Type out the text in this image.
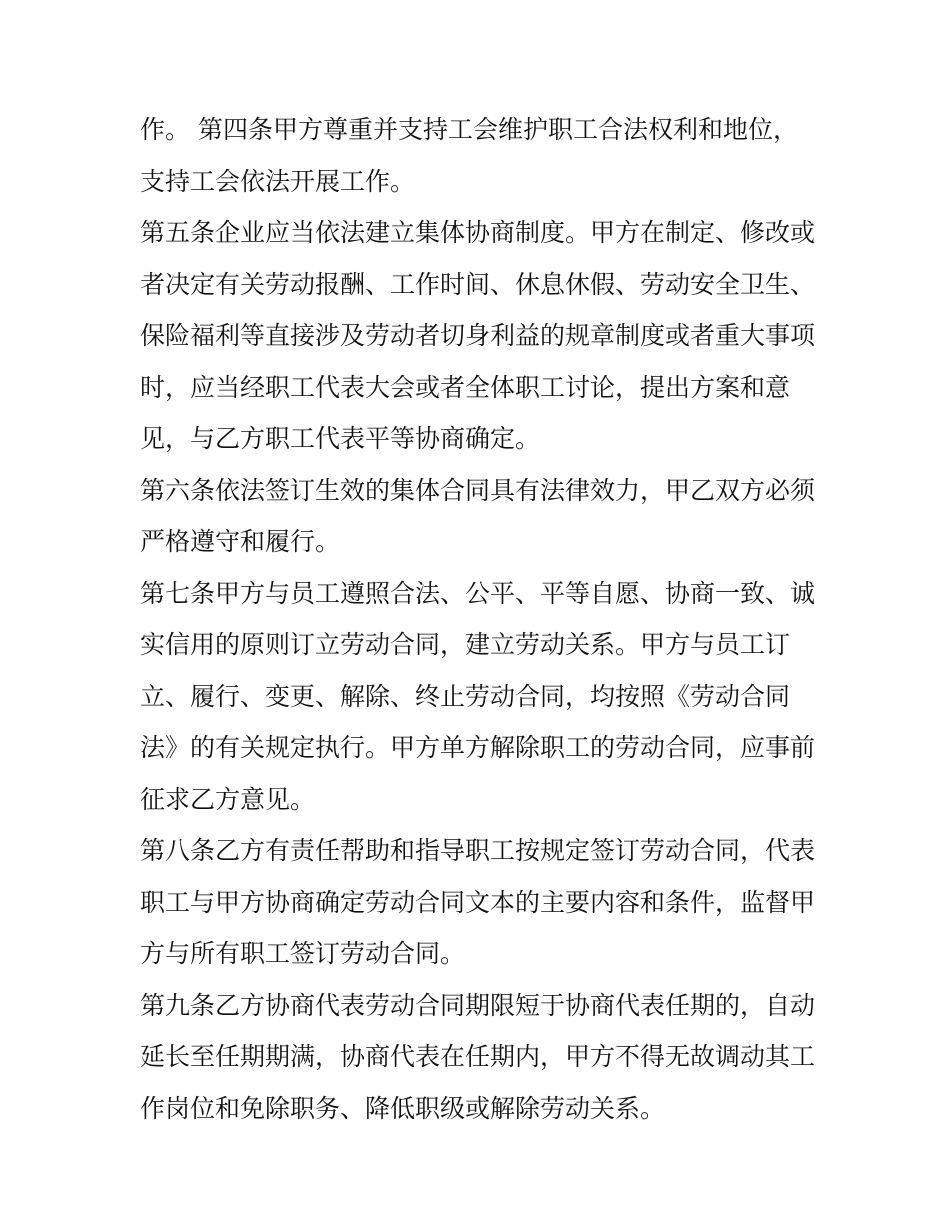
作。 第四条甲方尊重并支持工会维护职工合法权利和地位，
支持工会依法开展工作。
第五条企业应当依法建立集体协商制度。甲方在制定、修改或
者决定有关劳动报酬、工作时间、休息休假、劳动安全卫生、
保险福利等直接涉及劳动者切身利益的规章制度或者重大事项
时，应当经职工代表大会或者全体职工讨论，提出方案和意
见，与乙方职工代表平等协商确定。
第六条依法签订生效的集体合同具有法律效力，甲乙双方必须
严格遵守和履行。
第七条甲方与员工遵照合法、公平、平等自愿、协商一致、诚
实信用的原则订立劳动合同，建立劳动关系。甲方与员工订
立、履行、变更、解除、终止劳动合同，均按照《劳动合同
法》的有关规定执行。甲方单方解除职工的劳动合同，应事前
征求乙方意见。
第八条乙方有责任帮助和指导职工按规定签订劳动合同，代表
职工与甲方协商确定劳动合同文本的主要内容和条件，监督甲
方与所有职工签订劳动合同。
第九条乙方协商代表劳动合同期限短于协商代表任期的，自动
延长至任期期满，协商代表在任期内，甲方不得无故调动其工
作岗位和免除职务、降低职级或解除劳动关系。
